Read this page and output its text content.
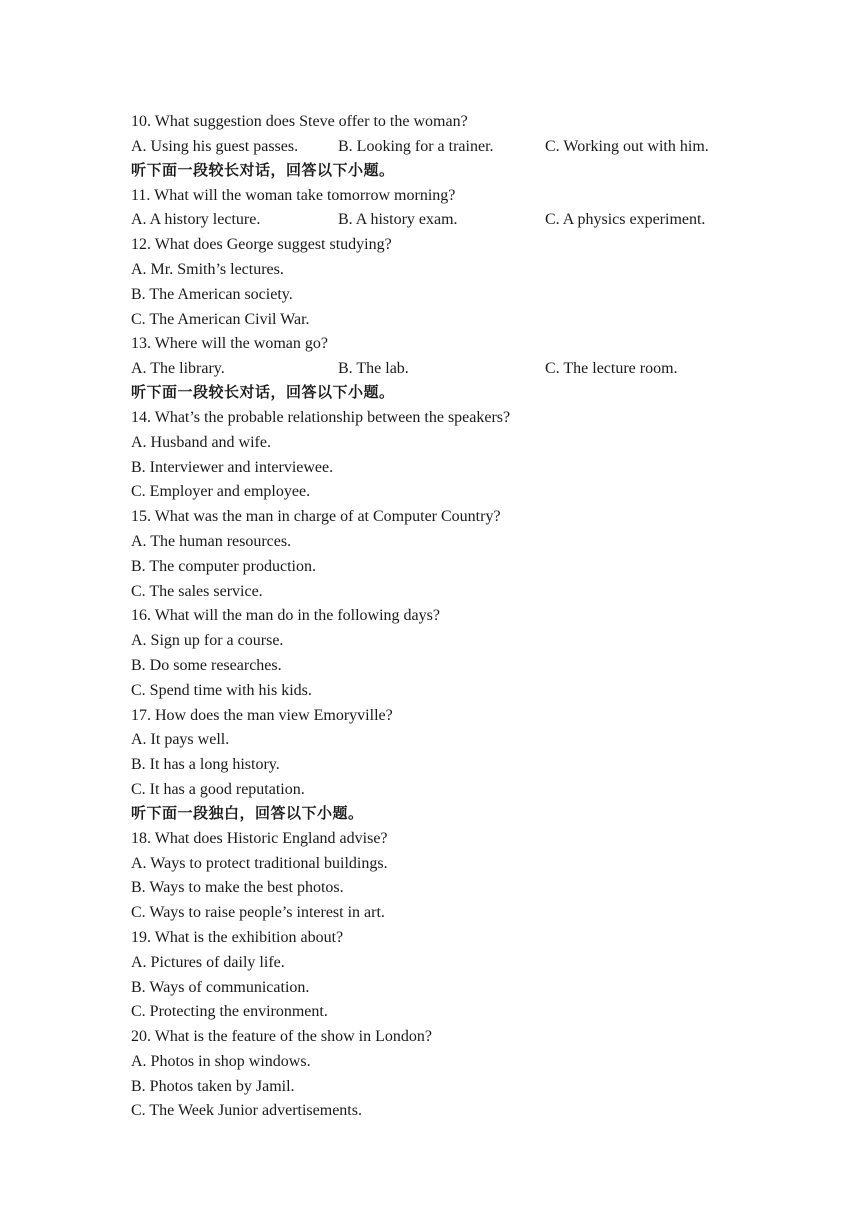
10. What suggestion does Steve offer to the woman?
A. Using his guest passes. B. Looking for a trainer.	C. Working out with him.
听下面一段较长对话，回答以下小题。
11. What will the woman take tomorrow morning?
A. A history lecture.	B. A history exam.	C. A physics experiment.
12. What does George suggest studying?
A. Mr. Smith’s lectures.
B. The American society.
C. The American Civil War.
13. Where will the woman go?
A. The library.	B. The lab.	C. The lecture room.
听下面一段较长对话，回答以下小题。
14. What’s the probable relationship between the speakers?
A. Husband and wife.
B. Interviewer and interviewee.
C. Employer and employee.
15. What was the man in charge of at Computer Country?
A. The human resources.
B. The computer production.
C. The sales service.
16. What will the man do in the following days?
A. Sign up for a course.
B. Do some researches.
C. Spend time with his kids.
17. How does the man view Emoryville?
A. It pays well.
B. It has a long history.
C. It has a good reputation.
听下面一段独白，回答以下小题。
18. What does Historic England advise?
A. Ways to protect traditional buildings.
B. Ways to make the best photos.
C. Ways to raise people’s interest in art.
19. What is the exhibition about?
A. Pictures of daily life.
B. Ways of communication.
C. Protecting the environment.
20. What is the feature of the show in London?
A. Photos in shop windows.
B. Photos taken by Jamil.
C. The Week Junior advertisements.
